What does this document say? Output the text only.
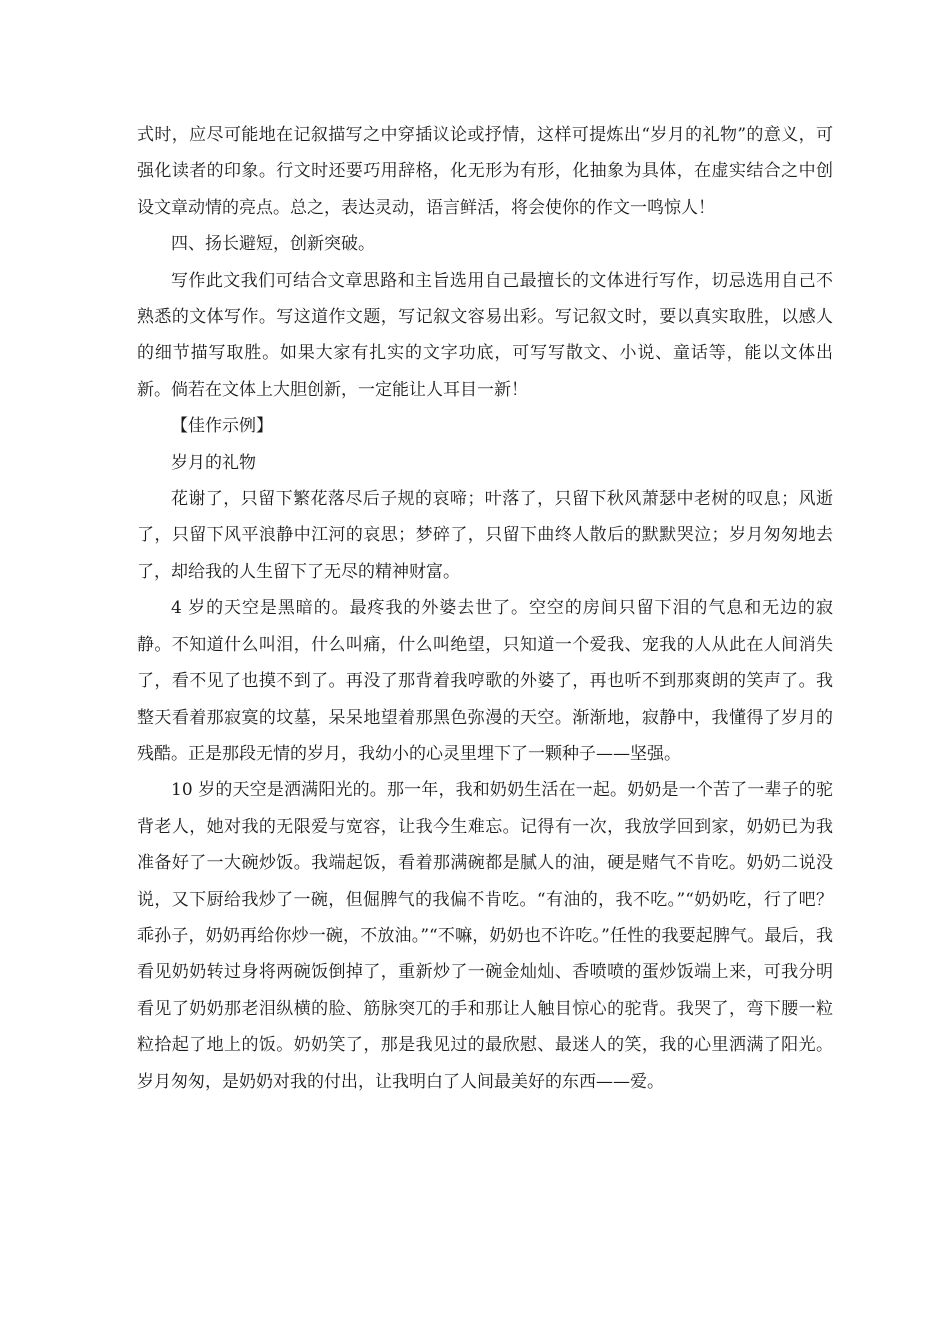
式时，应尽可能地在记叙描写之中穿插议论或抒情，这样可提炼出“岁月的礼物”的意义，可强化读者的印象。行文时还要巧用辞格，化无形为有形，化抽象为具体，在虚实结合之中创设文章动情的亮点。总之，表达灵动，语言鲜活，将会使你的作文一鸣惊人！

四、扬长避短，创新突破。

写作此文我们可结合文章思路和主旨选用自己最擅长的文体进行写作，切忌选用自己不熟悉的文体写作。写这道作文题，写记叙文容易出彩。写记叙文时，要以真实取胜，以感人的细节描写取胜。如果大家有扎实的文字功底，可写写散文、小说、童话等，能以文体出新。倘若在文体上大胆创新，一定能让人耳目一新！

【佳作示例】

岁月的礼物

花谢了，只留下繁花落尽后子规的哀啼；叶落了，只留下秋风萧瑟中老树的叹息；风逝了，只留下风平浪静中江河的哀思；梦碎了，只留下曲终人散后的默默哭泣；岁月匆匆地去了，却给我的人生留下了无尽的精神财富。

4 岁的天空是黑暗的。最疼我的外婆去世了。空空的房间只留下泪的气息和无边的寂静。不知道什么叫泪，什么叫痛，什么叫绝望，只知道一个爱我、宠我的人从此在人间消失了，看不见了也摸不到了。再没了那背着我哼歌的外婆了，再也听不到那爽朗的笑声了。我整天看着那寂寞的坟墓，呆呆地望着那黑色弥漫的天空。渐渐地，寂静中，我懂得了岁月的残酷。正是那段无情的岁月，我幼小的心灵里埋下了一颗种子——坚强。

10 岁的天空是洒满阳光的。那一年，我和奶奶生活在一起。奶奶是一个苦了一辈子的驼背老人，她对我的无限爱与宽容，让我今生难忘。记得有一次，我放学回到家，奶奶已为我准备好了一大碗炒饭。我端起饭，看着那满碗都是腻人的油，硬是赌气不肯吃。奶奶二说没说，又下厨给我炒了一碗，但倔脾气的我偏不肯吃。“有油的，我不吃。”“奶奶吃，行了吧？乖孙子，奶奶再给你炒一碗，不放油。”“不嘛，奶奶也不许吃。”任性的我要起脾气。最后，我看见奶奶转过身将两碗饭倒掉了，重新炒了一碗金灿灿、香喷喷的蛋炒饭端上来，可我分明看见了奶奶那老泪纵横的脸、筋脉突兀的手和那让人触目惊心的驼背。我哭了，弯下腰一粒粒拾起了地上的饭。奶奶笑了，那是我见过的最欣慰、最迷人的笑，我的心里洒满了阳光。岁月匆匆，是奶奶对我的付出，让我明白了人间最美好的东西——爱。
